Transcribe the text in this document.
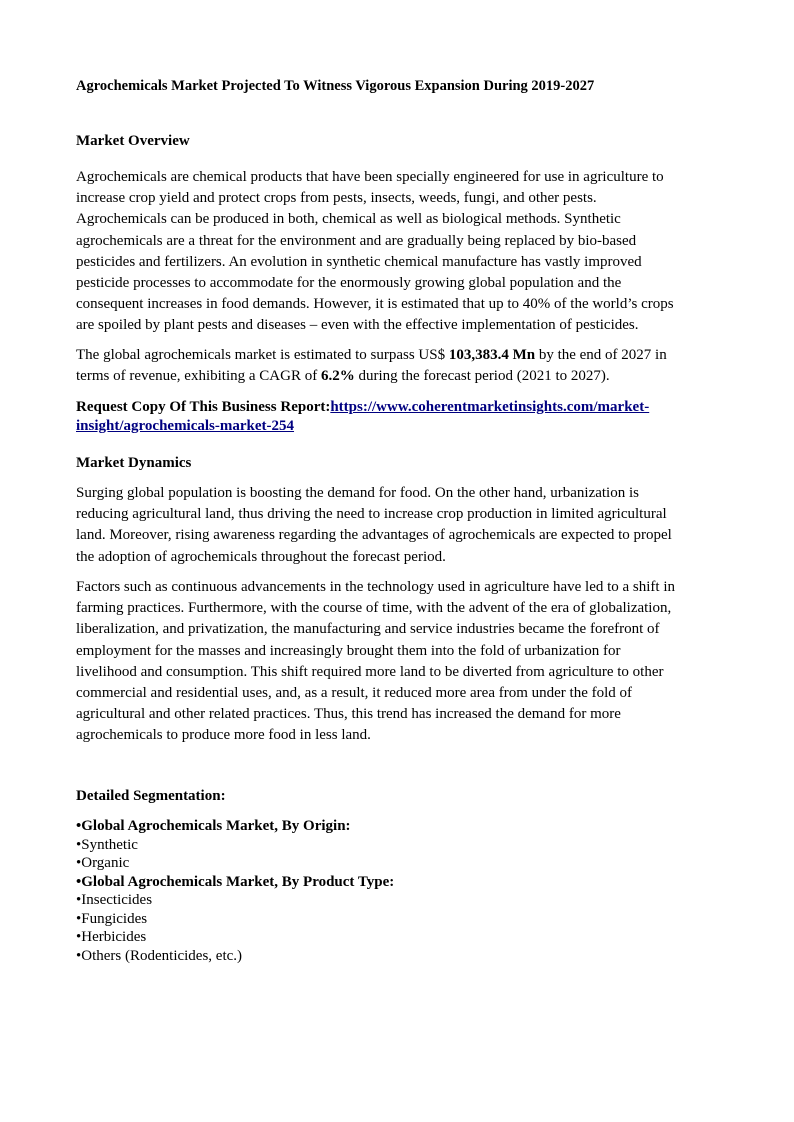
Agrochemicals Market Projected To Witness Vigorous Expansion During 2019-2027
Market Overview
Agrochemicals are chemical products that have been specially engineered for use in agriculture to
increase crop yield and protect crops from pests, insects, weeds, fungi, and other pests.
Agrochemicals can be produced in both, chemical as well as biological methods. Synthetic
agrochemicals are a threat for the environment and are gradually being replaced by bio-based
pesticides and fertilizers. An evolution in synthetic chemical manufacture has vastly improved
pesticide processes to accommodate for the enormously growing global population and the
consequent increases in food demands. However, it is estimated that up to 40% of the world’s crops
are spoiled by plant pests and diseases – even with the effective implementation of pesticides.
The global agrochemicals market is estimated to surpass US$ 103,383.4 Mn by the end of 2027 in
terms of revenue, exhibiting a CAGR of 6.2% during the forecast period (2021 to 2027).
Request Copy Of This Business Report:https://www.coherentmarketinsights.com/market-
insight/agrochemicals-market-254
Market Dynamics
Surging global population is boosting the demand for food. On the other hand, urbanization is
reducing agricultural land, thus driving the need to increase crop production in limited agricultural
land. Moreover, rising awareness regarding the advantages of agrochemicals are expected to propel
the adoption of agrochemicals throughout the forecast period.
Factors such as continuous advancements in the technology used in agriculture have led to a shift in
farming practices. Furthermore, with the course of time, with the advent of the era of globalization,
liberalization, and privatization, the manufacturing and service industries became the forefront of
employment for the masses and increasingly brought them into the fold of urbanization for
livelihood and consumption. This shift required more land to be diverted from agriculture to other
commercial and residential uses, and, as a result, it reduced more area from under the fold of
agricultural and other related practices. Thus, this trend has increased the demand for more
agrochemicals to produce more food in less land.
Detailed Segmentation:
•Global Agrochemicals Market, By Origin:
•Synthetic
•Organic
•Global Agrochemicals Market, By Product Type:
•Insecticides
•Fungicides
•Herbicides
•Others (Rodenticides, etc.)
